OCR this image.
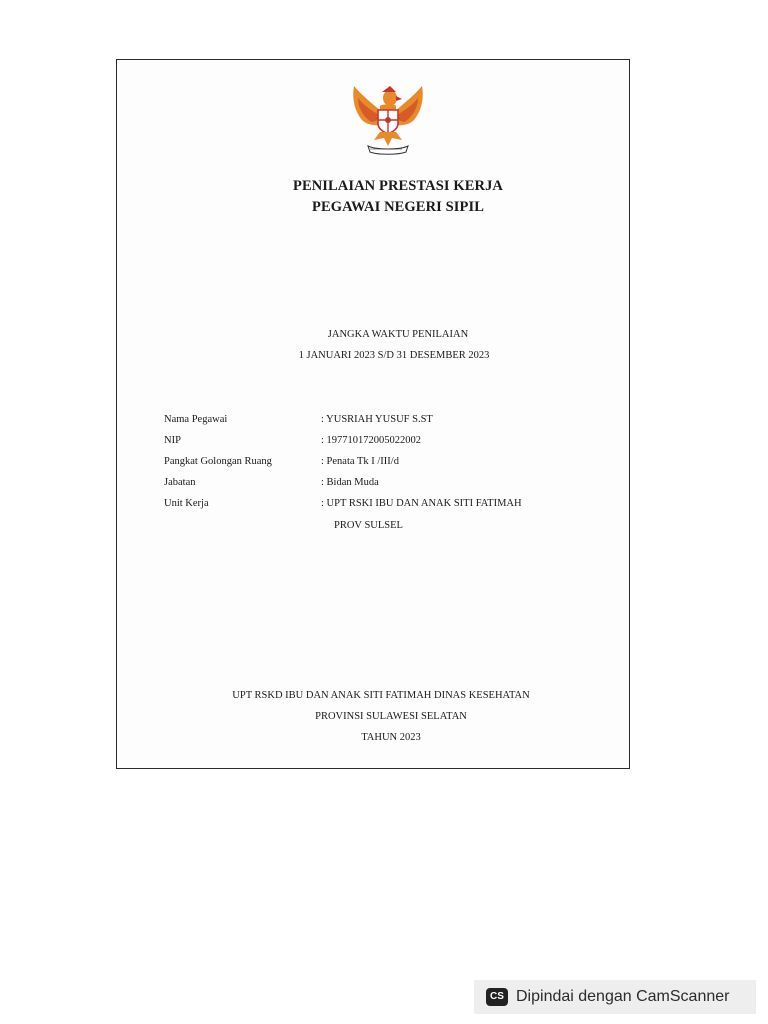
PENILAIAN PRESTASI KERJA
PEGAWAI NEGERI SIPIL
JANGKA WAKTU PENILAIAN
1 JANUARI 2023 S/D 31 DESEMBER 2023
Nama Pegawai	: YUSRIAH YUSUF S.ST
NIP	: 197710172005022002
Pangkat Golongan Ruang	: Penata Tk I /III/d
Jabatan	: Bidan Muda
Unit Kerja	: UPT RSKI IBU DAN ANAK SITI FATIMAH
PROV SULSEL
UPT RSKD IBU DAN ANAK SITI FATIMAH DINAS KESEHATAN
PROVINSI SULAWESI SELATAN
TAHUN 2023
CS Dipindai dengan CamScanner
